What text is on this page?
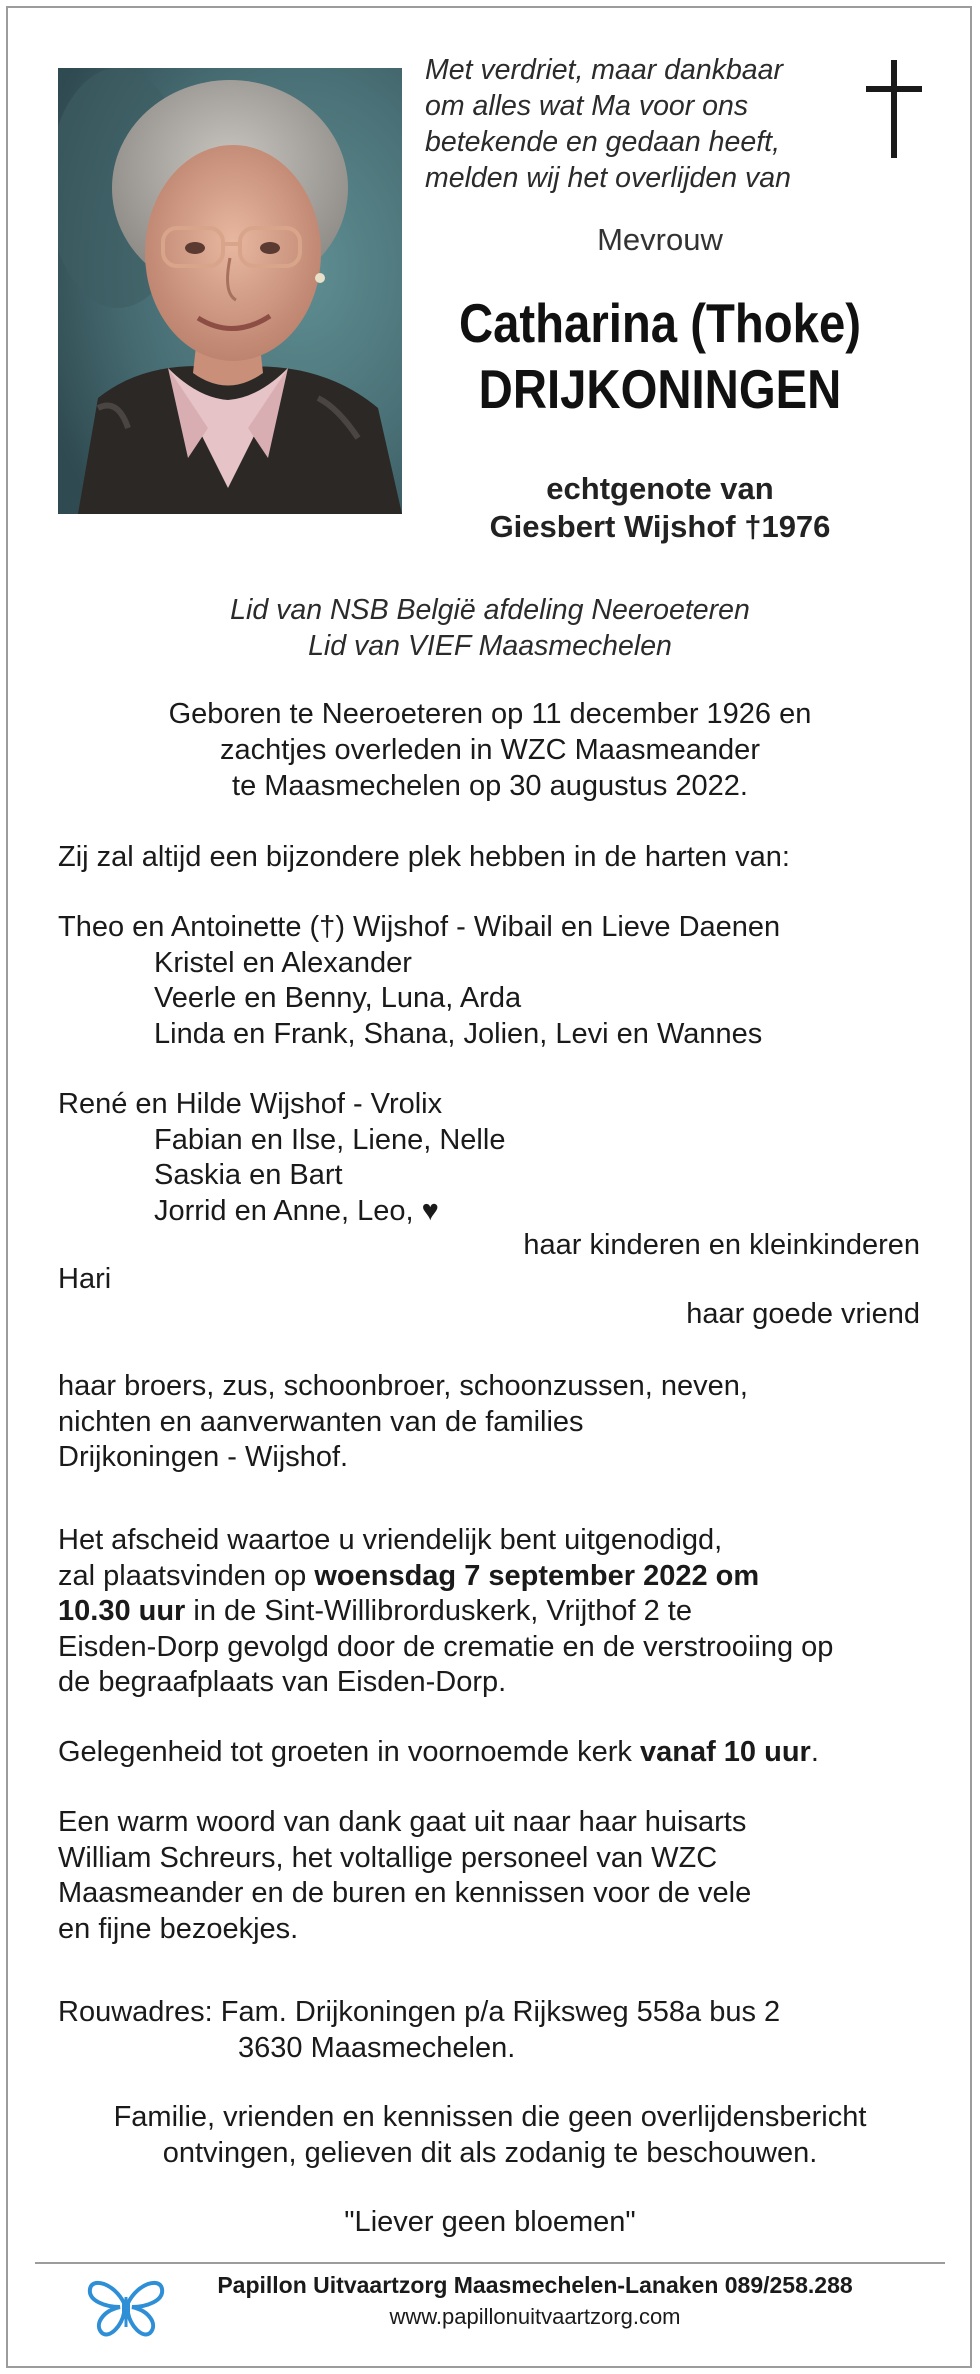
Met verdriet, maar dankbaar
om alles wat Ma voor ons
betekende en gedaan heeft,
melden wij het overlijden van
Mevrouw
Catharina (Thoke)
DRIJKONINGEN
echtgenote van
Giesbert Wijshof †1976
Lid van NSB België afdeling Neeroeteren
Lid van VIEF Maasmechelen
Geboren te Neeroeteren op 11 december 1926 en
zachtjes overleden in WZC Maasmeander
te Maasmechelen op 30 augustus 2022.
Zij zal altijd een bijzondere plek hebben in de harten van:
Theo en Antoinette (†) Wijshof - Wibail en Lieve Daenen
Kristel en Alexander
Veerle en Benny, Luna, Arda
Linda en Frank, Shana, Jolien, Levi en Wannes
René en Hilde Wijshof - Vrolix
Fabian en Ilse, Liene, Nelle
Saskia en Bart
Jorrid en Anne, Leo, ♥
haar kinderen en kleinkinderen
Hari
haar goede vriend
haar broers, zus, schoonbroer, schoonzussen, neven,
nichten en aanverwanten van de families
Drijkoningen - Wijshof.
Het afscheid waartoe u vriendelijk bent uitgenodigd,
zal plaatsvinden op woensdag 7 september 2022 om
10.30 uur in de Sint-Willibrorduskerk, Vrijthof 2 te
Eisden-Dorp gevolgd door de crematie en de verstrooiing op
de begraafplaats van Eisden-Dorp.
Gelegenheid tot groeten in voornoemde kerk vanaf 10 uur.
Een warm woord van dank gaat uit naar haar huisarts
William Schreurs, het voltallige personeel van WZC
Maasmeander en de buren en kennissen voor de vele
en fijne bezoekjes.
Rouwadres: Fam. Drijkoningen p/a Rijksweg 558a bus 2
3630 Maasmechelen.
Familie, vrienden en kennissen die geen overlijdensbericht
ontvingen, gelieven dit als zodanig te beschouwen.
"Liever geen bloemen"
Papillon Uitvaartzorg Maasmechelen-Lanaken 089/258.288
www.papillonuitvaartzorg.com
